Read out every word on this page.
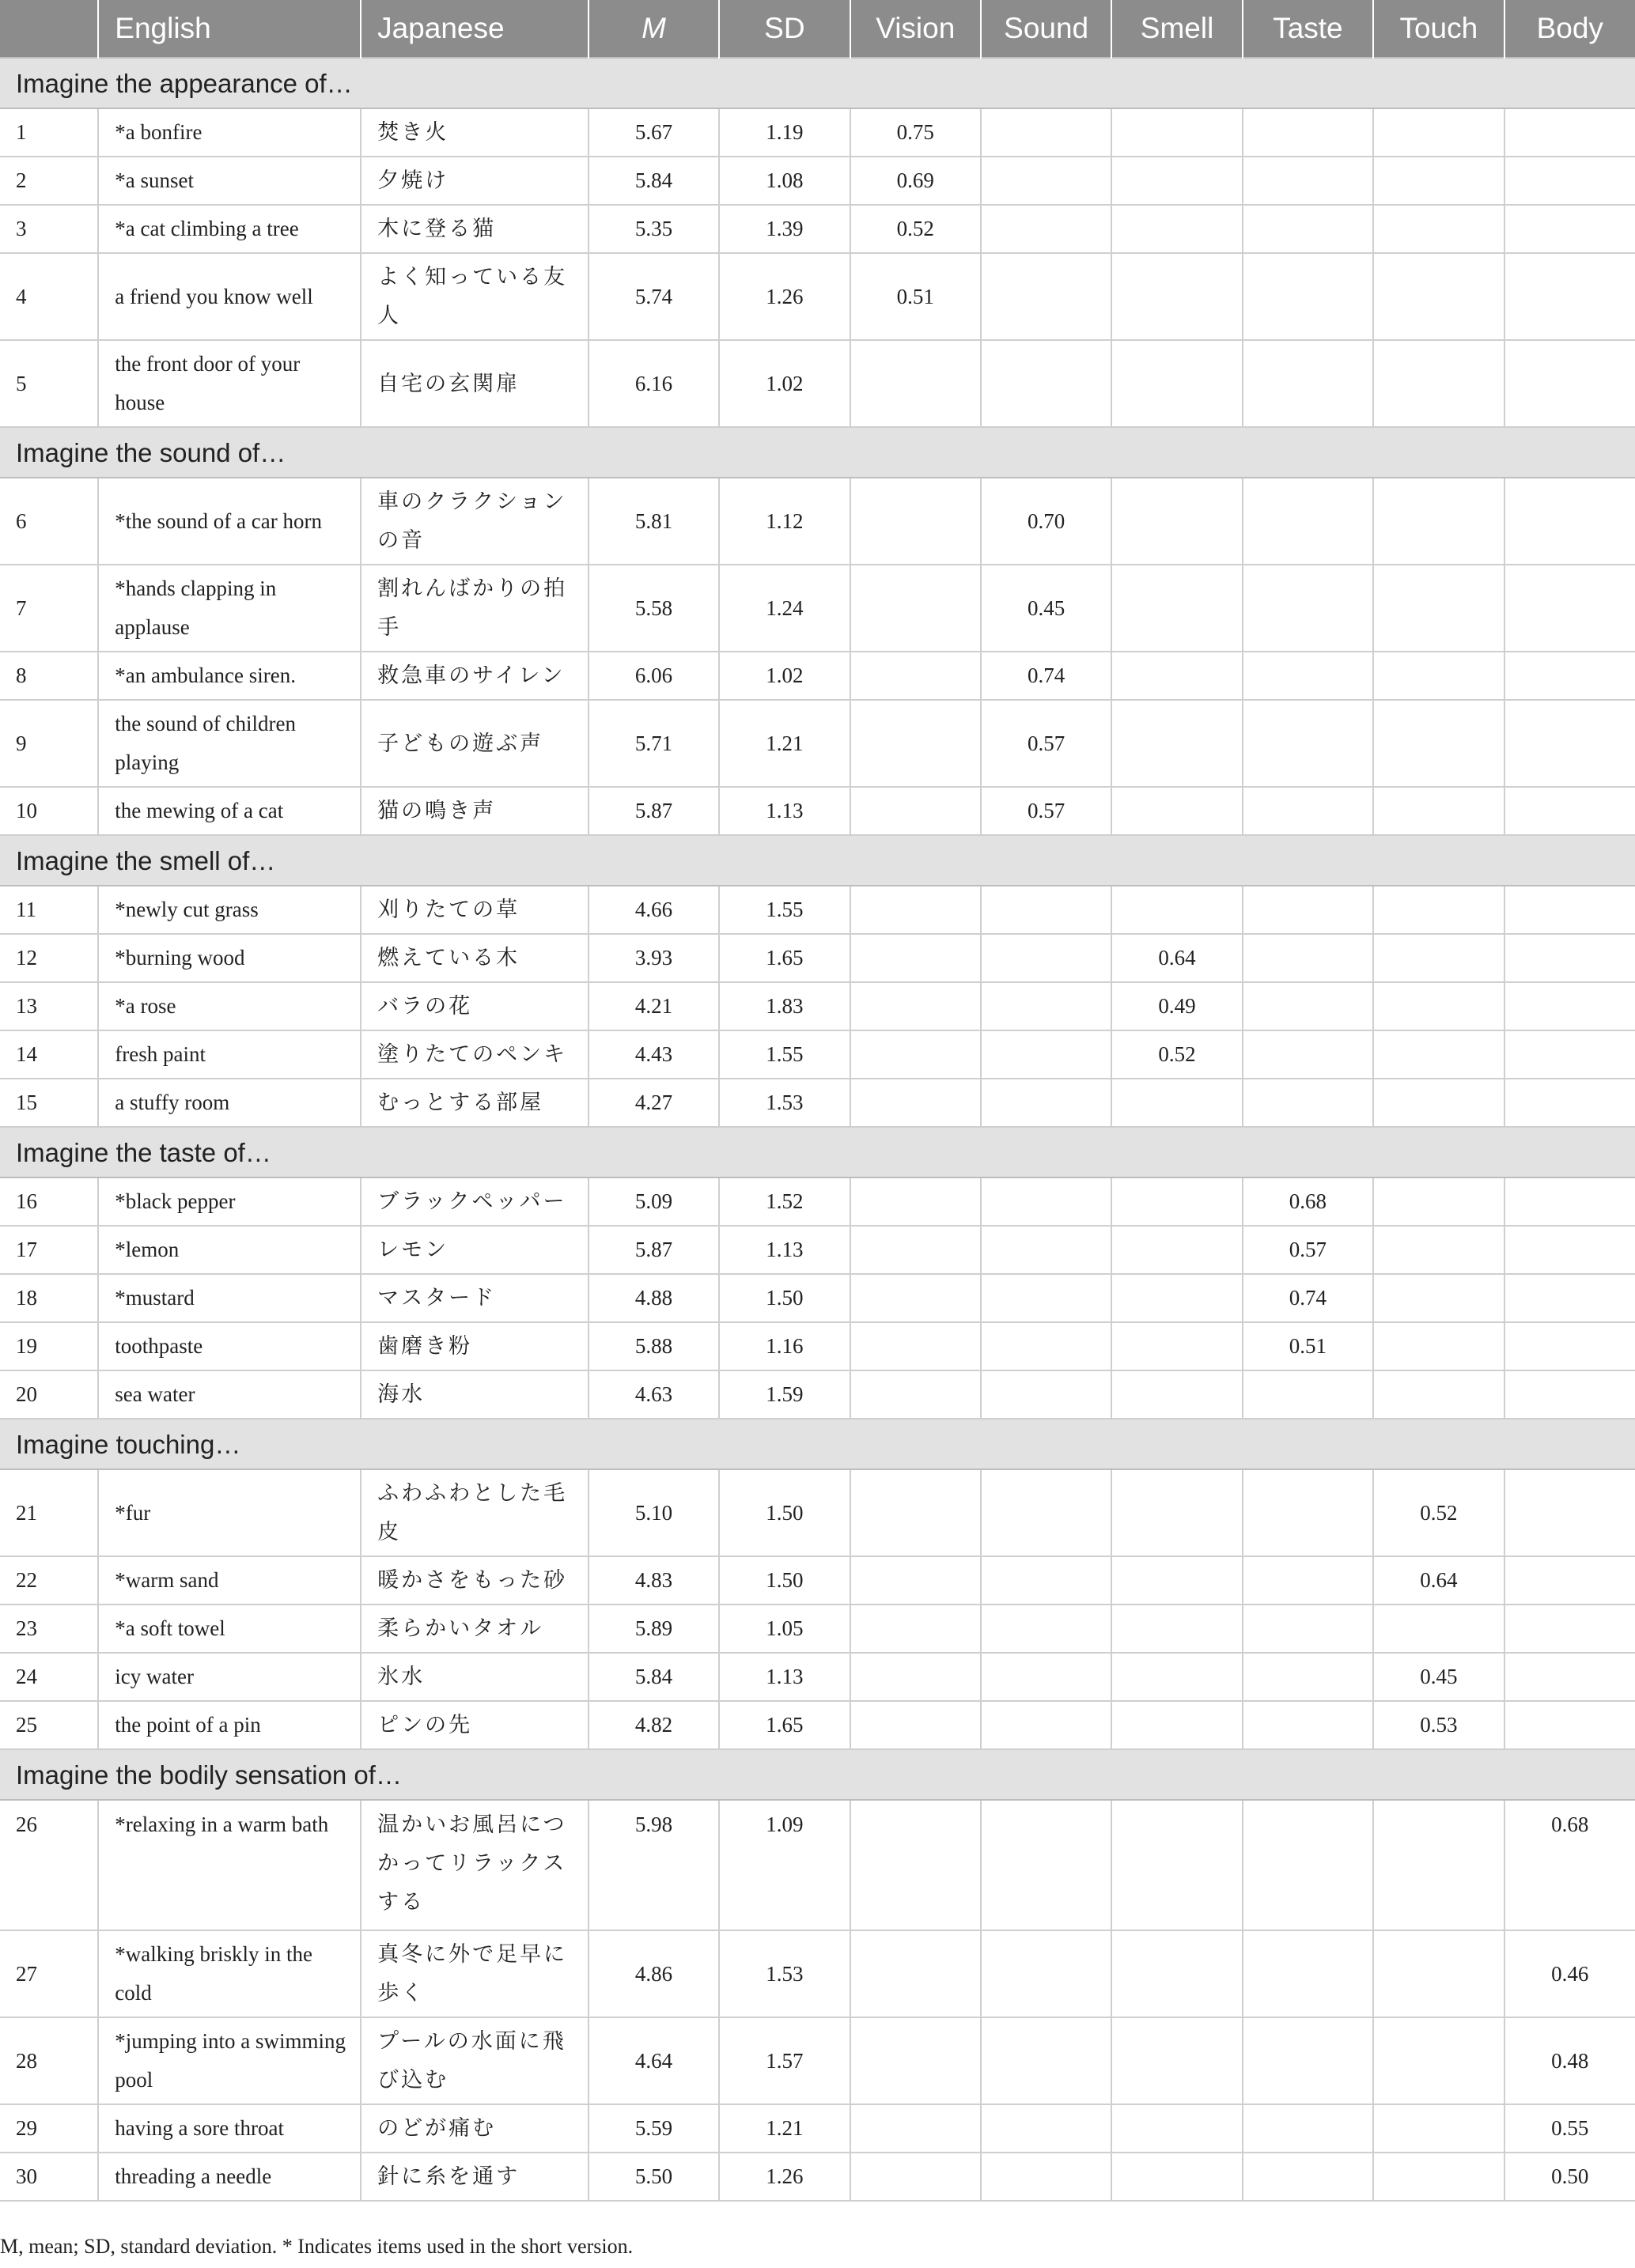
	English	Japanese	M	SD	Vision	Sound	Smell	Taste	Touch	Body
Imagine the appearance of…										
1	*a bonfire	焚き火	5.67	1.19	0.75					
2	*a sunset	夕焼け	5.84	1.08	0.69					
3	*a cat climbing a tree	木に登る猫	5.35	1.39	0.52					
4	a friend you know well	よく知っている友人	5.74	1.26	0.51					
5	the front door of your house	自宅の玄関扉	6.16	1.02						
Imagine the sound of…										
6	*the sound of a car horn	車のクラクションの音	5.81	1.12		0.70				
7	*hands clapping in applause	割れんばかりの拍手	5.58	1.24		0.45				
8	*an ambulance siren.	救急車のサイレン	6.06	1.02		0.74				
9	the sound of children playing	子どもの遊ぶ声	5.71	1.21		0.57				
10	the mewing of a cat	猫の鳴き声	5.87	1.13		0.57				
Imagine the smell of…										
11	*newly cut grass	刈りたての草	4.66	1.55						
12	*burning wood	燃えている木	3.93	1.65			0.64			
13	*a rose	バラの花	4.21	1.83			0.49			
14	fresh paint	塗りたてのペンキ	4.43	1.55			0.52			
15	a stuffy room	むっとする部屋	4.27	1.53						
Imagine the taste of…										
16	*black pepper	ブラックペッパー	5.09	1.52				0.68		
17	*lemon	レモン	5.87	1.13				0.57		
18	*mustard	マスタード	4.88	1.50				0.74		
19	toothpaste	歯磨き粉	5.88	1.16				0.51		
20	sea water	海水	4.63	1.59						
Imagine touching…										
21	*fur	ふわふわとした毛皮	5.10	1.50					0.52	
22	*warm sand	暖かさをもった砂	4.83	1.50					0.64	
23	*a soft towel	柔らかいタオル	5.89	1.05						
24	icy water	氷水	5.84	1.13					0.45	
25	the point of a pin	ピンの先	4.82	1.65					0.53	
Imagine the bodily sensation of…										
26	*relaxing in a warm bath	温かいお風呂につかってリラックスする	5.98	1.09						0.68
27	*walking briskly in the cold	真冬に外で足早に歩く	4.86	1.53						0.46
28	*jumping into a swimming pool	プールの水面に飛び込む	4.64	1.57						0.48
29	having a sore throat	のどが痛む	5.59	1.21						0.55
30	threading a needle	針に糸を通す	5.50	1.26						0.50
M, mean; SD, standard deviation. * Indicates items used in the short version.
